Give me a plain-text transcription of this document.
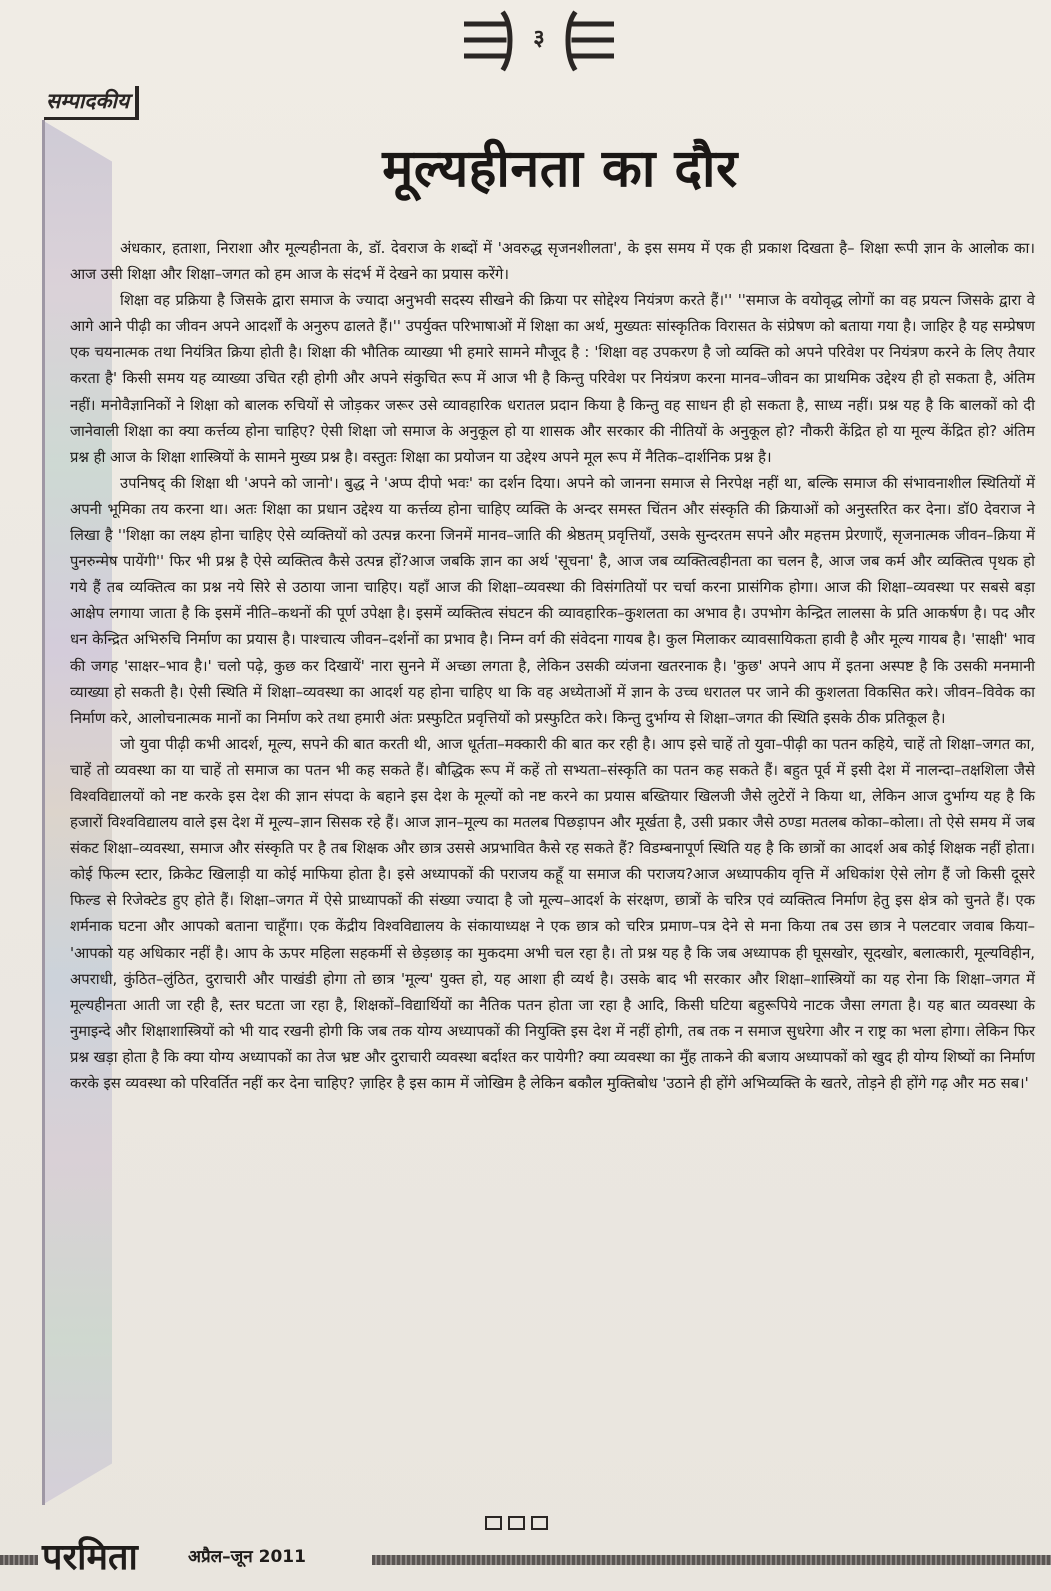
३
सम्पादकीय
मूल्यहीनता का दौर

अंधकार, हताशा, निराशा और मूल्यहीनता के, डॉ. देवराज के शब्दों में 'अवरुद्ध सृजनशीलता', के इस समय में एक ही प्रकाश दिखता है– शिक्षा रूपी ज्ञान के आलोक का। आज उसी शिक्षा और शिक्षा–जगत को हम आज के संदर्भ में देखने का प्रयास करेंगे।

शिक्षा वह प्रक्रिया है जिसके द्वारा समाज के ज्यादा अनुभवी सदस्य सीखने की क्रिया पर सोद्देश्य नियंत्रण करते हैं।'' ''समाज के वयोवृद्ध लोगों का वह प्रयत्न जिसके द्वारा वे आगे आने पीढ़ी का जीवन अपने आदर्शों के अनुरुप ढालते हैं।'' उपर्युक्त परिभाषाओं में शिक्षा का अर्थ, मुख्यतः सांस्कृतिक विरासत के संप्रेषण को बताया गया है। जाहिर है यह सम्प्रेषण एक चयनात्मक तथा नियंत्रित क्रिया होती है। शिक्षा की भौतिक व्याख्या भी हमारे सामने मौजूद है : 'शिक्षा वह उपकरण है जो व्यक्ति को अपने परिवेश पर नियंत्रण करने के लिए तैयार करता है' किसी समय यह व्याख्या उचित रही होगी और अपने संकुचित रूप में आज भी है किन्तु परिवेश पर नियंत्रण करना मानव–जीवन का प्राथमिक उद्देश्य ही हो सकता है, अंतिम नहीं। मनोवैज्ञानिकों ने शिक्षा को बालक रुचियों से जोड़कर जरूर उसे व्यावहारिक धरातल प्रदान किया है किन्तु वह साधन ही हो सकता है, साध्य नहीं। प्रश्न यह है कि बालकों को दी जानेवाली शिक्षा का क्या कर्त्तव्य होना चाहिए? ऐसी शिक्षा जो समाज के अनुकूल हो या शासक और सरकार की नीतियों के अनुकूल हो? नौकरी केंद्रित हो या मूल्य केंद्रित हो? अंतिम प्रश्न ही आज के शिक्षा शास्त्रियों के सामने मुख्य प्रश्न है। वस्तुतः शिक्षा का प्रयोजन या उद्देश्य अपने मूल रूप में नैतिक–दार्शनिक प्रश्न है।

उपनिषद् की शिक्षा थी 'अपने को जानो'। बुद्ध ने 'अप्प दीपो भवः' का दर्शन दिया। अपने को जानना समाज से निरपेक्ष नहीं था, बल्कि समाज की संभावनाशील स्थितियों में अपनी भूमिका तय करना था। अतः शिक्षा का प्रधान उद्देश्य या कर्त्तव्य होना चाहिए व्यक्ति के अन्दर समस्त चिंतन और संस्कृति की क्रियाओं को अनुस्तरित कर देना। डॉ0 देवराज ने लिखा है ''शिक्षा का लक्ष्य होना चाहिए ऐसे व्यक्तियों को उत्पन्न करना जिनमें मानव–जाति की श्रेष्ठतम् प्रवृत्तियाँ, उसके सुन्दरतम सपने और महत्तम प्रेरणाएँ, सृजनात्मक जीवन–क्रिया में पुनरुन्मेष पायेंगी'' फिर भी प्रश्न है ऐसे व्यक्तित्व कैसे उत्पन्न हों?आज जबकि ज्ञान का अर्थ 'सूचना' है, आज जब व्यक्तित्वहीनता का चलन है, आज जब कर्म और व्यक्तित्व पृथक हो गये हैं तब व्यक्तित्व का प्रश्न नये सिरे से उठाया जाना चाहिए। यहाँ आज की शिक्षा–व्यवस्था की विसंगतियों पर चर्चा करना प्रासंगिक होगा। आज की शिक्षा–व्यवस्था पर सबसे बड़ा आक्षेप लगाया जाता है कि इसमें नीति–कथनों की पूर्ण उपेक्षा है। इसमें व्यक्तित्व संघटन की व्यावहारिक–कुशलता का अभाव है। उपभोग केन्द्रित लालसा के प्रति आकर्षण है। पद और धन केन्द्रित अभिरुचि निर्माण का प्रयास है। पाश्चात्य जीवन–दर्शनों का प्रभाव है। निम्न वर्ग की संवेदना गायब है। कुल मिलाकर व्यावसायिकता हावी है और मूल्य गायब है। 'साक्षी' भाव की जगह 'साक्षर–भाव है।' चलो पढ़े, कुछ कर दिखायें' नारा सुनने में अच्छा लगता है, लेकिन उसकी व्यंजना खतरनाक है। 'कुछ' अपने आप में इतना अस्पष्ट है कि उसकी मनमानी व्याख्या हो सकती है। ऐसी स्थिति में शिक्षा–व्यवस्था का आदर्श यह होना चाहिए था कि वह अध्येताओं में ज्ञान के उच्च धरातल पर जाने की कुशलता विकसित करे। जीवन–विवेक का निर्माण करे, आलोचनात्मक मानों का निर्माण करे तथा हमारी अंतः प्रस्फुटित प्रवृत्तियों को प्रस्फुटित करे। किन्तु दुर्भाग्य से शिक्षा–जगत की स्थिति इसके ठीक प्रतिकूल है।

जो युवा पीढ़ी कभी आदर्श, मूल्य, सपने की बात करती थी, आज धूर्तता–मक्कारी की बात कर रही है। आप इसे चाहें तो युवा–पीढ़ी का पतन कहिये, चाहें तो शिक्षा–जगत का, चाहें तो व्यवस्था का या चाहें तो समाज का पतन भी कह सकते हैं। बौद्धिक रूप में कहें तो सभ्यता–संस्कृति का पतन कह सकते हैं। बहुत पूर्व में इसी देश में नालन्दा–तक्षशिला जैसे विश्वविद्यालयों को नष्ट करके इस देश की ज्ञान संपदा के बहाने इस देश के मूल्यों को नष्ट करने का प्रयास बख्तियार खिलजी जैसे लुटेरों ने किया था, लेकिन आज दुर्भाग्य यह है कि हजारों विश्वविद्यालय वाले इस देश में मूल्य–ज्ञान सिसक रहे हैं। आज ज्ञान–मूल्य का मतलब पिछड़ापन और मूर्खता है, उसी प्रकार जैसे ठण्डा मतलब कोका–कोला। तो ऐसे समय में जब संकट शिक्षा–व्यवस्था, समाज और संस्कृति पर है तब शिक्षक और छात्र उससे अप्रभावित कैसे रह सकते हैं? विडम्बनापूर्ण स्थिति यह है कि छात्रों का आदर्श अब कोई शिक्षक नहीं होता। कोई फिल्म स्टार, क्रिकेट खिलाड़ी या कोई माफिया होता है। इसे अध्यापकों की पराजय कहूँ या समाज की पराजय?आज अध्यापकीय वृत्ति में अधिकांश ऐसे लोग हैं जो किसी दूसरे फिल्ड से रिजेक्टेड हुए होते हैं। शिक्षा–जगत में ऐसे प्राध्यापकों की संख्या ज्यादा है जो मूल्य–आदर्श के संरक्षण, छात्रों के चरित्र एवं व्यक्तित्व निर्माण हेतु इस क्षेत्र को चुनते हैं। एक शर्मनाक घटना और आपको बताना चाहूँगा। एक केंद्रीय विश्वविद्यालय के संकायाध्यक्ष ने एक छात्र को चरित्र प्रमाण–पत्र देने से मना किया तब उस छात्र ने पलटवार जवाब किया– 'आपको यह अधिकार नहीं है। आप के ऊपर महिला सहकर्मी से छेड़छाड़ का मुकदमा अभी चल रहा है। तो प्रश्न यह है कि जब अध्यापक ही घूसखोर, सूदखोर, बलात्कारी, मूल्यविहीन, अपराधी, कुंठित–लुंठित, दुराचारी और पाखंडी होगा तो छात्र 'मूल्य' युक्त हो, यह आशा ही व्यर्थ है। उसके बाद भी सरकार और शिक्षा–शास्त्रियों का यह रोना कि शिक्षा–जगत में मूल्यहीनता आती जा रही है, स्तर घटता जा रहा है, शिक्षकों–विद्यार्थियों का नैतिक पतन होता जा रहा है आदि, किसी घटिया बहुरूपिये नाटक जैसा लगता है। यह बात व्यवस्था के नुमाइन्दे और शिक्षाशास्त्रियों को भी याद रखनी होगी कि जब तक योग्य अध्यापकों की नियुक्ति इस देश में नहीं होगी, तब तक न समाज सुधरेगा और न राष्ट्र का भला होगा। लेकिन फिर प्रश्न खड़ा होता है कि क्या योग्य अध्यापकों का तेज भ्रष्ट और दुराचारी व्यवस्था बर्दाश्त कर पायेगी? क्या व्यवस्था का मुँह ताकने की बजाय अध्यापकों को खुद ही योग्य शिष्यों का निर्माण करके इस व्यवस्था को परिवर्तित नहीं कर देना चाहिए? ज़ाहिर है इस काम में जोखिम है लेकिन बकौल मुक्तिबोध 'उठाने ही होंगे अभिव्यक्ति के खतरे, तोड़ने ही होंगे गढ़ और मठ सब।'

परमिता	अप्रैल–जून 2011
